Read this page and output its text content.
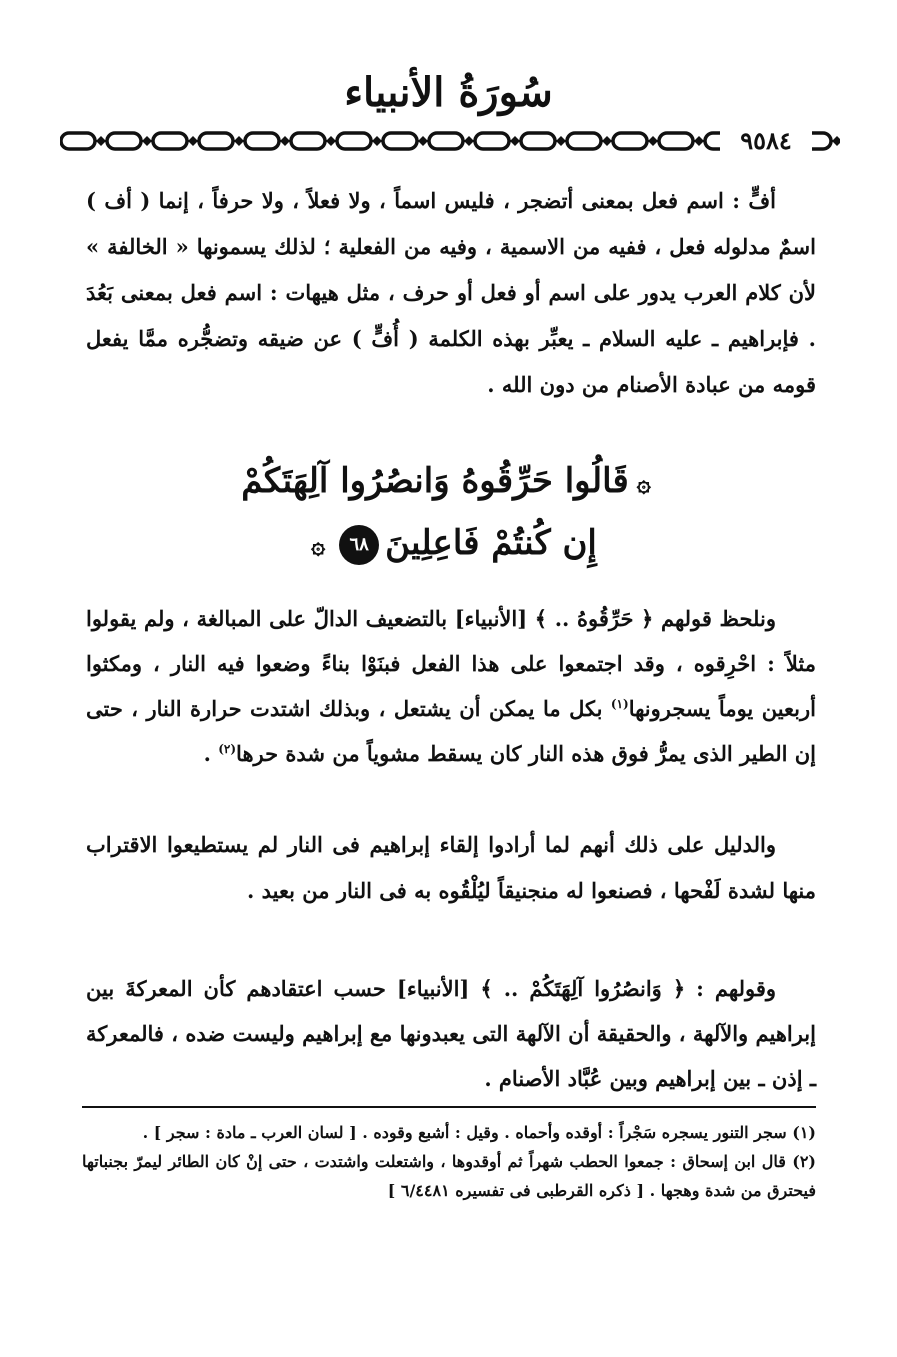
سُورَةُ الأنبياء
٩٥٨٤

أفٍّ : اسم فعل بمعنى أتضجر ، فليس اسماً ، ولا فعلاً ، ولا حرفاً ، إنما ( أف ) اسمٌ مدلوله فعل ، ففيه من الاسمية ، وفيه من الفعلية ؛ لذلك يسمونها « الخالفة » لأن كلام العرب يدور على اسم أو فعل أو حرف ، مثل هيهات : اسم فعل بمعنى بَعُدَ . فإبراهيم ـ عليه السلام ـ يعبِّر بهذه الكلمة ( أُفٍّ ) عن ضيقه وتضجُّره ممَّا يفعل قومه من عبادة الأصنام من دون الله .

۞قَالُوا حَرِّقُوهُ وَانصُرُوا آلِهَتَكُمْ
إِن كُنتُمْ فَاعِلِينَ٦٨۞

ونلحظ قولهم ﴿ حَرِّقُوهُ .. ﴾ [الأنبياء] بالتضعيف الدالّ على المبالغة ، ولم يقولوا مثلاً : احْرِقوه ، وقد اجتمعوا على هذا الفعل فبنَوْا بناءً وضعوا فيه النار ، ومكثوا أربعين يوماً يسجرونها$^{(١)}$ بكل ما يمكن أن يشتعل ، وبذلك اشتدت حرارة النار ، حتى إن الطير الذى يمرُّ فوق هذه النار كان يسقط مشوياً من شدة حرها$^{(٢)}$ .

والدليل على ذلك أنهم لما أرادوا إلقاء إبراهيم فى النار لم يستطيعوا الاقتراب منها لشدة لَفْحها ، فصنعوا له منجنيقاً ليُلْقُوه به فى النار من بعيد .

وقولهم : ﴿ وَانصُرُوا آلِهَتَكُمْ .. ﴾ [الأنبياء] حسب اعتقادهم كأن المعركةَ بين إبراهيم والآلهة ، والحقيقة أن الآلهة التى يعبدونها مع إبراهيم وليست ضده ، فالمعركة ـ إذن ـ بين إبراهيم وبين عُبَّاد الأصنام .

(١) سجر التنور يسجره سَجْراً : أوقده وأحماه . وقيل : أشبع وقوده . [ لسان العرب ـ مادة : سجر ] .

(٢) قال ابن إسحاق : جمعوا الحطب شهراً ثم أوقدوها ، واشتعلت واشتدت ، حتى إنْ كان الطائر ليمرّ بجنباتها فيحترق من شدة وهجها . [ ذكره القرطبى فى تفسيره ٦/٤٤٨١ ]
